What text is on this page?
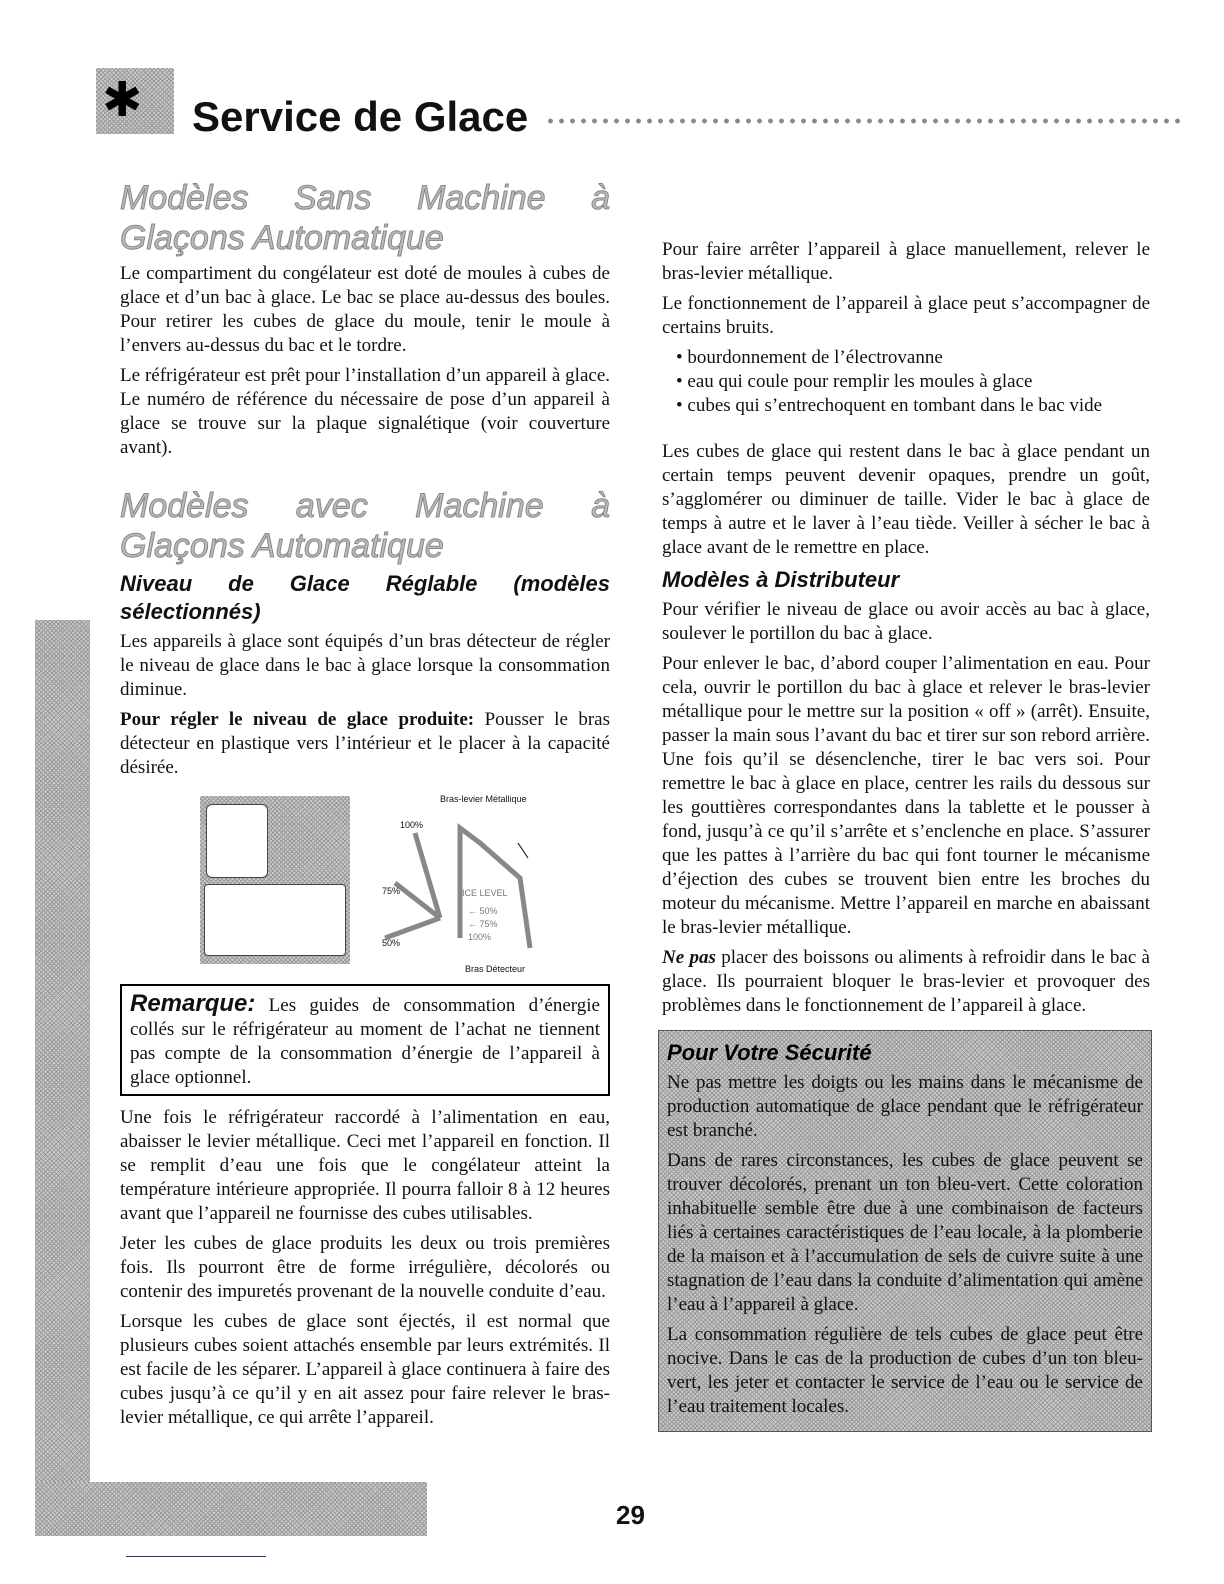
✱ Service de Glace
Modèles Sans Machine à Glaçons Automatique

Le compartiment du congélateur est doté de moules à cubes de glace et d’un bac à glace. Le bac se place au-dessus des boules. Pour retirer les cubes de glace du moule, tenir le moule à l’envers au-dessus du bac et le tordre.

Le réfrigérateur est prêt pour l’installation d’un appareil à glace. Le numéro de référence du nécessaire de pose d’un appareil à glace se trouve sur la plaque signalétique (voir couverture avant).

Modèles avec Machine à Glaçons Automatique
Niveau de Glace Réglable (modèles sélectionnés)

Les appareils à glace sont équipés d’un bras détecteur de régler le niveau de glace dans le bac à glace lorsque la consommation diminue.

Pour régler le niveau de glace produite: Pousser le bras détecteur en plastique vers l’intérieur et le placer à la capacité désirée.

Bras-levier Métallique
100%
75%
50%
ICE LEVEL
← 50%
← 75%
100%
Bras Détecteur
Remarque: Les guides de consommation d’énergie collés sur le réfrigérateur au moment de l’achat ne tiennent pas compte de la consommation d’énergie de l’appareil à glace optionnel.

Une fois le réfrigérateur raccordé à l’alimentation en eau, abaisser le levier métallique. Ceci met l’appareil en fonction. Il se remplit d’eau une fois que le congélateur atteint la température intérieure appropriée. Il pourra falloir 8 à 12 heures avant que l’appareil ne fournisse des cubes utilisables.

Jeter les cubes de glace produits les deux ou trois premières fois. Ils pourront être de forme irrégulière, décolorés ou contenir des impuretés provenant de la nouvelle conduite d’eau.

Lorsque les cubes de glace sont éjectés, il est normal que plusieurs cubes soient attachés ensemble par leurs extrémités. Il est facile de les séparer. L’appareil à glace continuera à faire des cubes jusqu’à ce qu’il y en ait assez pour faire relever le bras-levier métallique, ce qui arrête l’appareil.

Pour faire arrêter l’appareil à glace manuellement, relever le bras-levier métallique.

Le fonctionnement de l’appareil à glace peut s’accompagner de certains bruits.

• bourdonnement de l’électrovanne
• eau qui coule pour remplir les moules à glace
• cubes qui s’entrechoquent en tombant dans le bac vide

Les cubes de glace qui restent dans le bac à glace pendant un certain temps peuvent devenir opaques, prendre un goût, s’agglomérer ou diminuer de taille. Vider le bac à glace de temps à autre et le laver à l’eau tiède. Veiller à sécher le bac à glace avant de le remettre en place.

Modèles à Distributeur

Pour vérifier le niveau de glace ou avoir accès au bac à glace, soulever le portillon du bac à glace.

Pour enlever le bac, d’abord couper l’alimentation en eau. Pour cela, ouvrir le portillon du bac à glace et relever le bras-levier métallique pour le mettre sur la position « off » (arrêt). Ensuite, passer la main sous l’avant du bac et tirer sur son rebord arrière. Une fois qu’il se désenclenche, tirer le bac vers soi. Pour remettre le bac à glace en place, centrer les rails du dessous sur les gouttières correspondantes dans la tablette et le pousser à fond, jusqu’à ce qu’il s’arrête et s’enclenche en place. S’assurer que les pattes à l’arrière du bac qui font tourner le mécanisme d’éjection des cubes se trouvent bien entre les broches du moteur du mécanisme. Mettre l’appareil en marche en abaissant le bras-levier métallique.

Ne pas placer des boissons ou aliments à refroidir dans le bac à glace. Ils pourraient bloquer le bras-levier et provoquer des problèmes dans le fonctionnement de l’appareil à glace.

Pour Votre Sécurité

Ne pas mettre les doigts ou les mains dans le mécanisme de production automatique de glace pendant que le réfrigérateur est branché.

Dans de rares circonstances, les cubes de glace peuvent se trouver décolorés, prenant un ton bleu-vert. Cette coloration inhabituelle semble être due à une combinaison de facteurs liés à certaines caractéristiques de l’eau locale, à la plomberie de la maison et à l’accumulation de sels de cuivre suite à une stagnation de l’eau dans la conduite d’alimentation qui amène l’eau à l’appareil à glace.

La consommation régulière de tels cubes de glace peut être nocive. Dans le cas de la production de cubes d’un ton bleu-vert, les jeter et contacter le service de l’eau ou le service de l’eau traitement locales.

29
